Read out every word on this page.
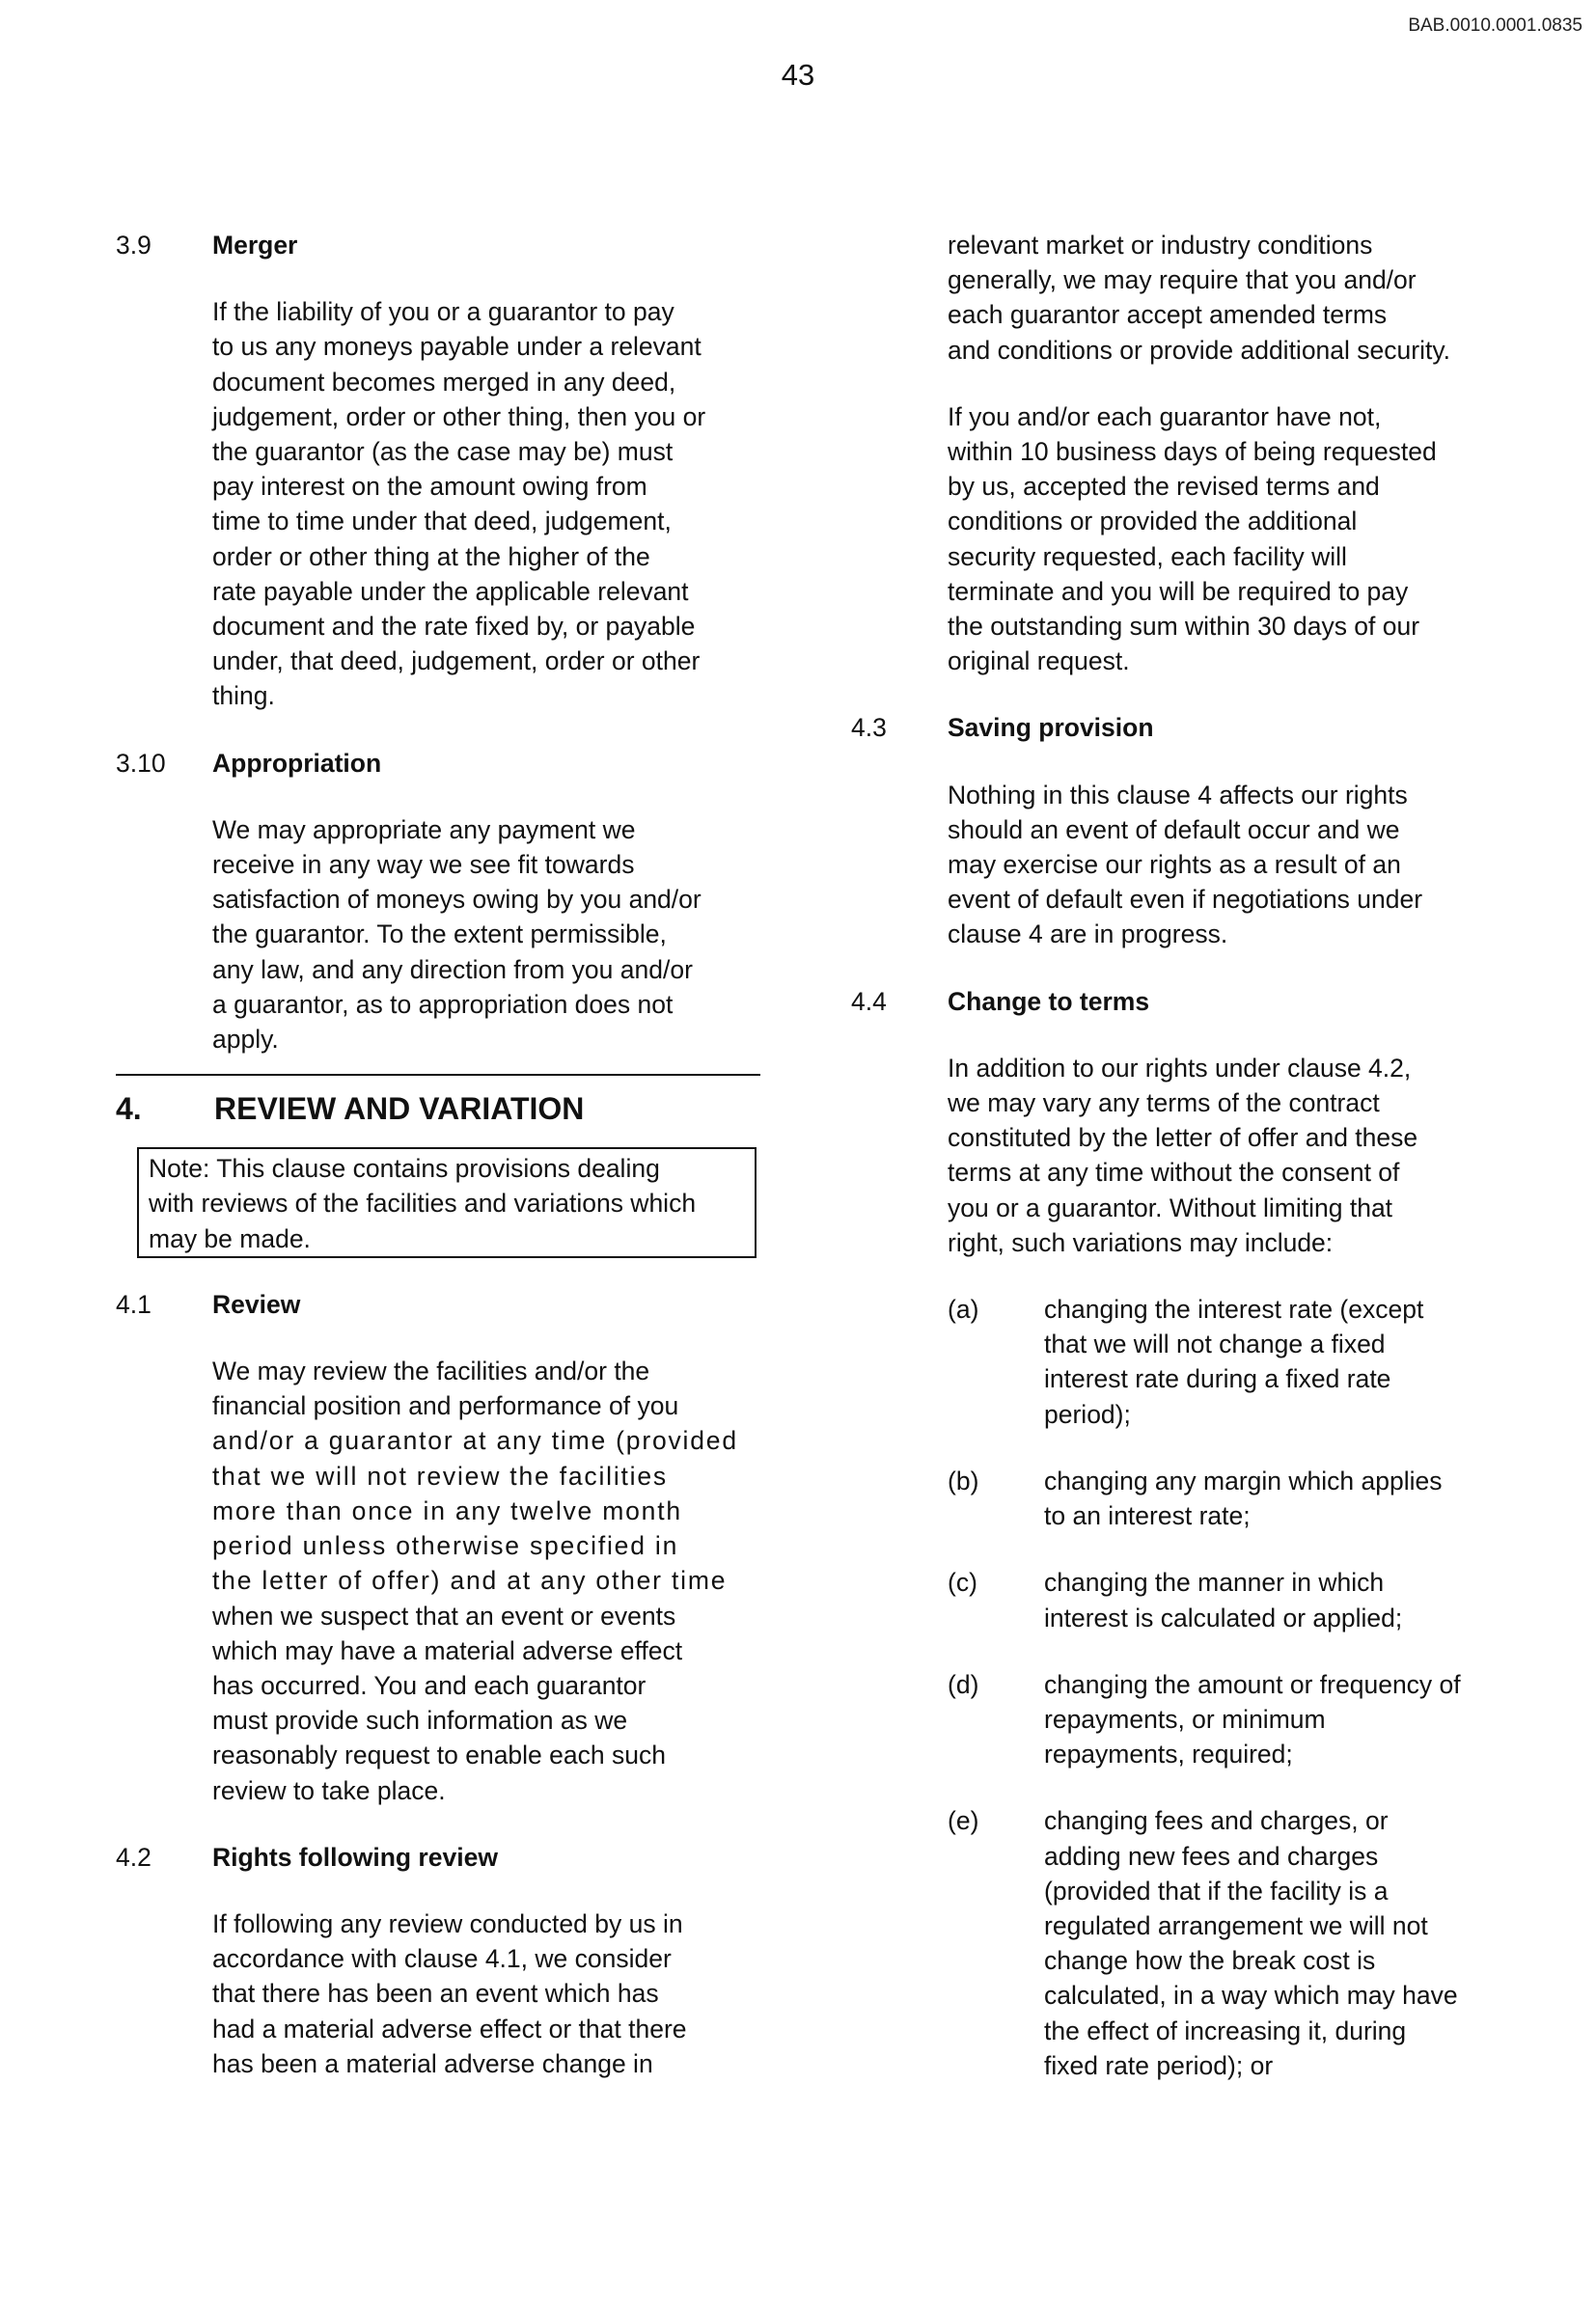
BAB.0010.0001.0835
43
3.9	Merger

If the liability of you or a guarantor to pay

to us any moneys payable under a relevant

document becomes merged in any deed,

judgement, order or other thing, then you or

the guarantor (as the case may be) must

pay interest on the amount owing from

time to time under that deed, judgement,

order or other thing at the higher of the

rate payable under the applicable relevant

document and the rate fixed by, or payable

under, that deed, judgement, order or other

thing.

3.10	Appropriation

We may appropriate any payment we

receive in any way we see fit towards

satisfaction of moneys owing by you and/or

the guarantor. To the extent permissible,

any law, and any direction from you and/or

a guarantor, as to appropriation does not

apply.

4.	REVIEW AND VARIATION

Note: This clause contains provisions dealing

with reviews of the facilities and variations which

may be made.

4.1	Review

We may review the facilities and/or the

financial position and performance of you

and/or a guarantor at any time (provided

that we will not review the facilities

more than once in any twelve month

period unless otherwise specified in

the letter of offer) and at any other time

when we suspect that an event or events

which may have a material adverse effect

has occurred. You and each guarantor

must provide such information as we

reasonably request to enable each such

review to take place.

4.2	Rights following review

If following any review conducted by us in

accordance with clause 4.1, we consider

that there has been an event which has

had a material adverse effect or that there

has been a material adverse change in

relevant market or industry conditions

generally, we may require that you and/or

each guarantor accept amended terms

and conditions or provide additional security.

If you and/or each guarantor have not,

within 10 business days of being requested

by us, accepted the revised terms and

conditions or provided the additional

security requested, each facility will

terminate and you will be required to pay

the outstanding sum within 30 days of our

original request.

4.3	Saving provision

Nothing in this clause 4 affects our rights

should an event of default occur and we

may exercise our rights as a result of an

event of default even if negotiations under

clause 4 are in progress.

4.4	Change to terms

In addition to our rights under clause 4.2,

we may vary any terms of the contract

constituted by the letter of offer and these

terms at any time without the consent of

you or a guarantor. Without limiting that

right, such variations may include:

(a)	changing the interest rate (except

that we will not change a fixed

interest rate during a fixed rate

period);

(b)	changing any margin which applies

to an interest rate;

(c)	changing the manner in which

interest is calculated or applied;

(d)	changing the amount or frequency of

repayments, or minimum

repayments, required;

(e)	changing fees and charges, or

adding new fees and charges

(provided that if the facility is a

regulated arrangement we will not

change how the break cost is

calculated, in a way which may have

the effect of increasing it, during

fixed rate period); or
